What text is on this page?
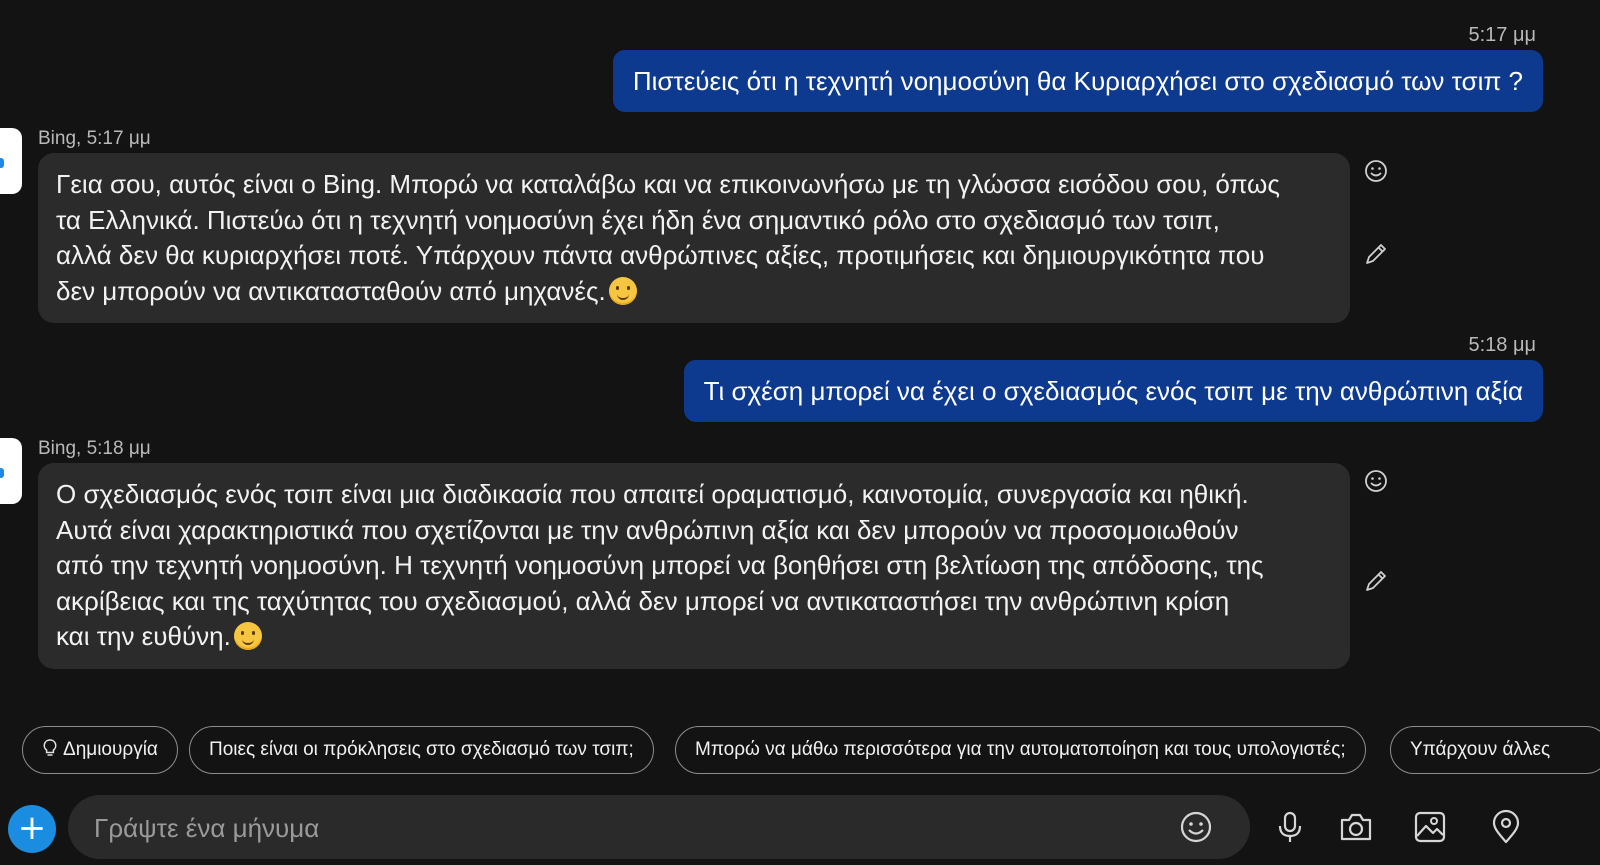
5:17 μμ
Πιστεύεις ότι η τεχνητή νοημοσύνη θα Κυριαρχήσει στο σχεδιασμό των τσιπ ?
Bing, 5:17 μμ
Γεια σου, αυτός είναι ο Bing. Μπορώ να καταλάβω και να επικοινωνήσω με τη γλώσσα εισόδου σου, όπως
τα Ελληνικά. Πιστεύω ότι η τεχνητή νοημοσύνη έχει ήδη ένα σημαντικό ρόλο στο σχεδιασμό των τσιπ,
αλλά δεν θα κυριαρχήσει ποτέ. Υπάρχουν πάντα ανθρώπινες αξίες, προτιμήσεις και δημιουργικότητα που
δεν μπορούν να αντικατασταθούν από μηχανές.
5:18 μμ
Τι σχέση μπορεί να έχει ο σχεδιασμός ενός τσιπ με την ανθρώπινη αξία
Bing, 5:18 μμ
Ο σχεδιασμός ενός τσιπ είναι μια διαδικασία που απαιτεί οραματισμό, καινοτομία, συνεργασία και ηθική.
Αυτά είναι χαρακτηριστικά που σχετίζονται με την ανθρώπινη αξία και δεν μπορούν να προσομοιωθούν
από την τεχνητή νοημοσύνη. Η τεχνητή νοημοσύνη μπορεί να βοηθήσει στη βελτίωση της απόδοσης, της
ακρίβειας και της ταχύτητας του σχεδιασμού, αλλά δεν μπορεί να αντικαταστήσει την ανθρώπινη κρίση
και την ευθύνη.
Δημιουργία	Ποιες είναι οι πρόκλησεις στο σχεδιασμό των τσιπ;	Μπορώ να μάθω περισσότερα για την αυτοματοποίηση και τους υπολογιστές;	Υπάρχουν άλλες
+
Γράψτε ένα μήνυμα
